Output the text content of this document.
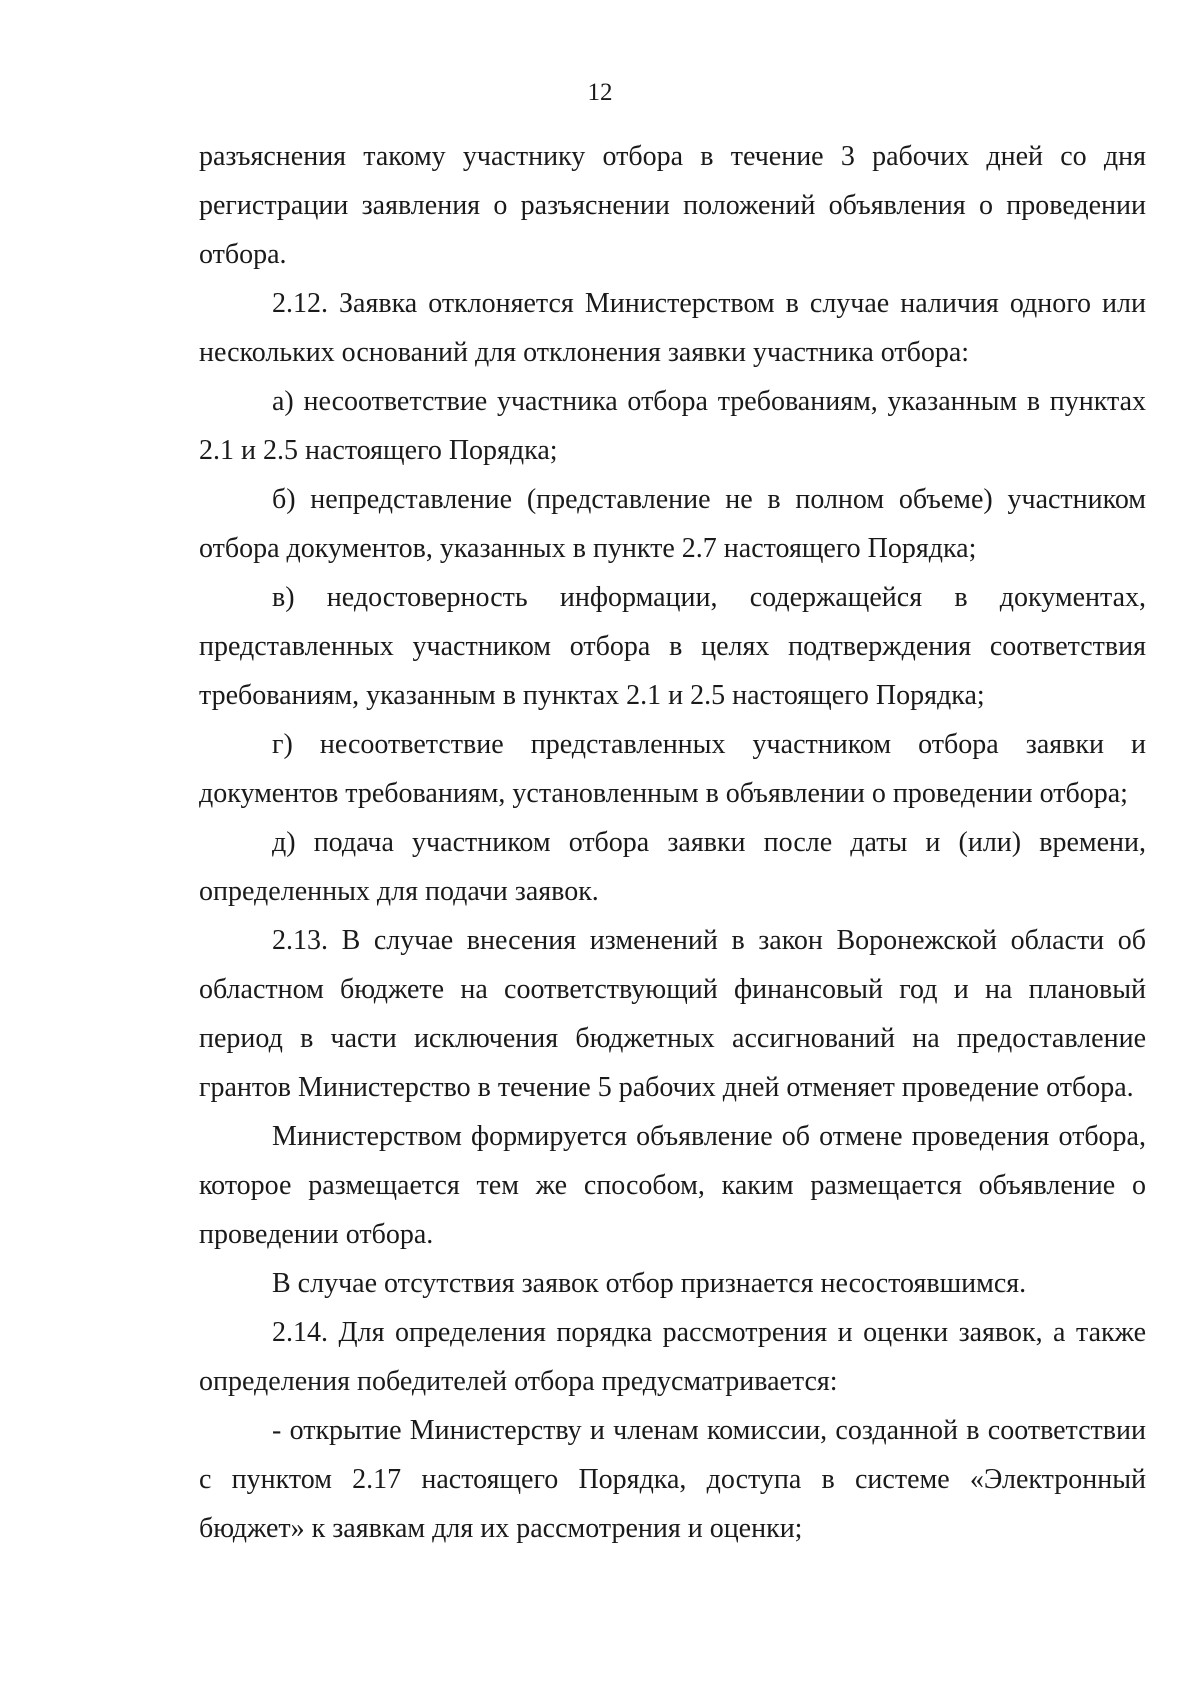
12

разъяснения такому участнику отбора в течение 3 рабочих дней со дня регистрации заявления о разъяснении положений объявления о проведении отбора.

2.12. Заявка отклоняется Министерством в случае наличия одного или нескольких оснований для отклонения заявки участника отбора:

а) несоответствие участника отбора требованиям, указанным в пунктах 2.1 и 2.5 настоящего Порядка;

б) непредставление (представление не в полном объеме) участником отбора документов, указанных в пункте 2.7 настоящего Порядка;

в) недостоверность информации, содержащейся в документах, представленных участником отбора в целях подтверждения соответствия требованиям, указанным в пунктах 2.1 и 2.5 настоящего Порядка;

г) несоответствие представленных участником отбора заявки и документов требованиям, установленным в объявлении о проведении отбора;

д) подача участником отбора заявки после даты и (или) времени, определенных для подачи заявок.

2.13. В случае внесения изменений в закон Воронежской области об областном бюджете на соответствующий финансовый год и на плановый период в части исключения бюджетных ассигнований на предоставление грантов Министерство в течение 5 рабочих дней отменяет проведение отбора.

Министерством формируется объявление об отмене проведения отбора, которое размещается тем же способом, каким размещается объявление о проведении отбора.

В случае отсутствия заявок отбор признается несостоявшимся.

2.14. Для определения порядка рассмотрения и оценки заявок, а также определения победителей отбора предусматривается:

- открытие Министерству и членам комиссии, созданной в соответствии с пунктом 2.17 настоящего Порядка, доступа в системе «Электронный бюджет» к заявкам для их рассмотрения и оценки;
